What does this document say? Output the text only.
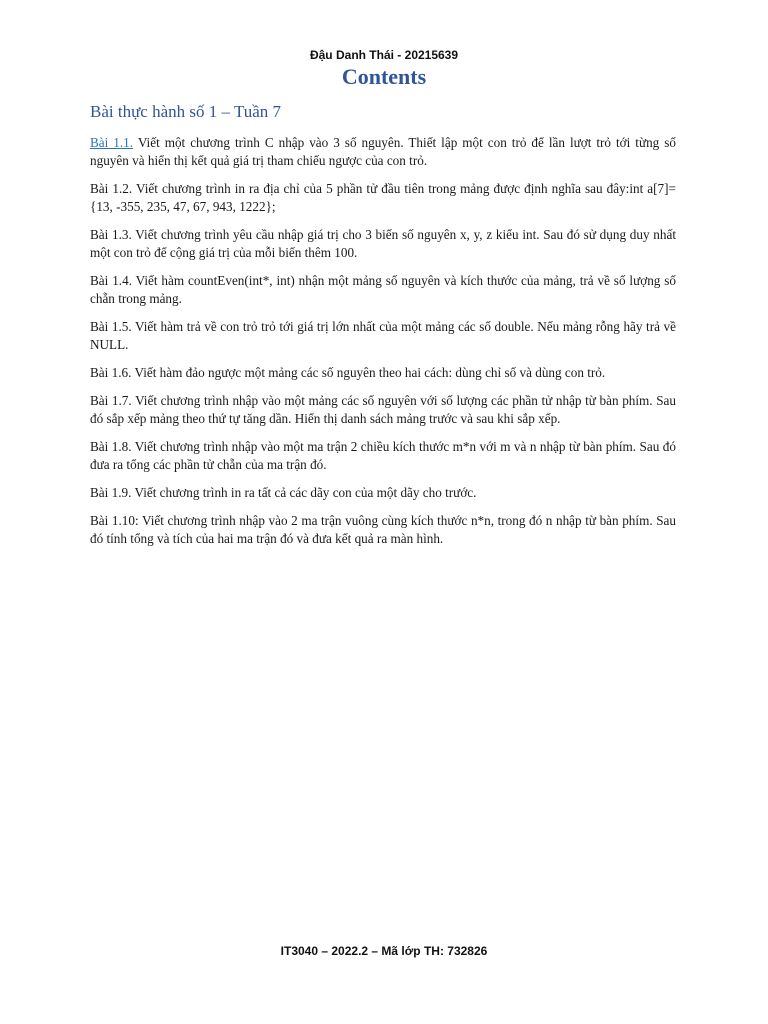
Đậu Danh Thái - 20215639
Contents
Bài thực hành số 1 – Tuần 7

Bài 1.1. Viết một chương trình C nhập vào 3 số nguyên. Thiết lập một con trỏ để lần lượt trỏ tới từng số nguyên và hiển thị kết quả giá trị tham chiếu ngược của con trỏ.

Bài 1.2. Viết chương trình in ra địa chỉ của 5 phần tử đầu tiên trong mảng được định nghĩa sau đây:int a[7]= {13, -355, 235, 47, 67, 943, 1222};

Bài 1.3. Viết chương trình yêu cầu nhập giá trị cho 3 biến số nguyên x, y, z kiểu int. Sau đó sử dụng duy nhất một con trỏ để cộng giá trị của mỗi biến thêm 100.

Bài 1.4. Viết hàm countEven(int*, int) nhận một mảng số nguyên và kích thước của mảng, trả về số lượng số chẵn trong mảng.

Bài 1.5. Viết hàm trả về con trỏ trỏ tới giá trị lớn nhất của một mảng các số double. Nếu mảng rỗng hãy trả về NULL.

Bài 1.6. Viết hàm đảo ngược một mảng các số nguyên theo hai cách: dùng chỉ số và dùng con trỏ.

Bài 1.7. Viết chương trình nhập vào một mảng các số nguyên với số lượng các phần tử nhập từ bàn phím. Sau đó sắp xếp mảng theo thứ tự tăng dần. Hiển thị danh sách mảng trước và sau khi sắp xếp.

Bài 1.8. Viết chương trình nhập vào một ma trận 2 chiều kích thước m*n với m và n nhập từ bàn phím. Sau đó đưa ra tổng các phần tử chẵn của ma trận đó.

Bài 1.9. Viết chương trình in ra tất cả các dãy con của một dãy cho trước.

Bài 1.10: Viết chương trình nhập vào 2 ma trận vuông cùng kích thước n*n, trong đó n nhập từ bàn phím. Sau đó tính tổng và tích của hai ma trận đó và đưa kết quả ra màn hình.

IT3040 – 2022.2 – Mã lớp TH: 732826
